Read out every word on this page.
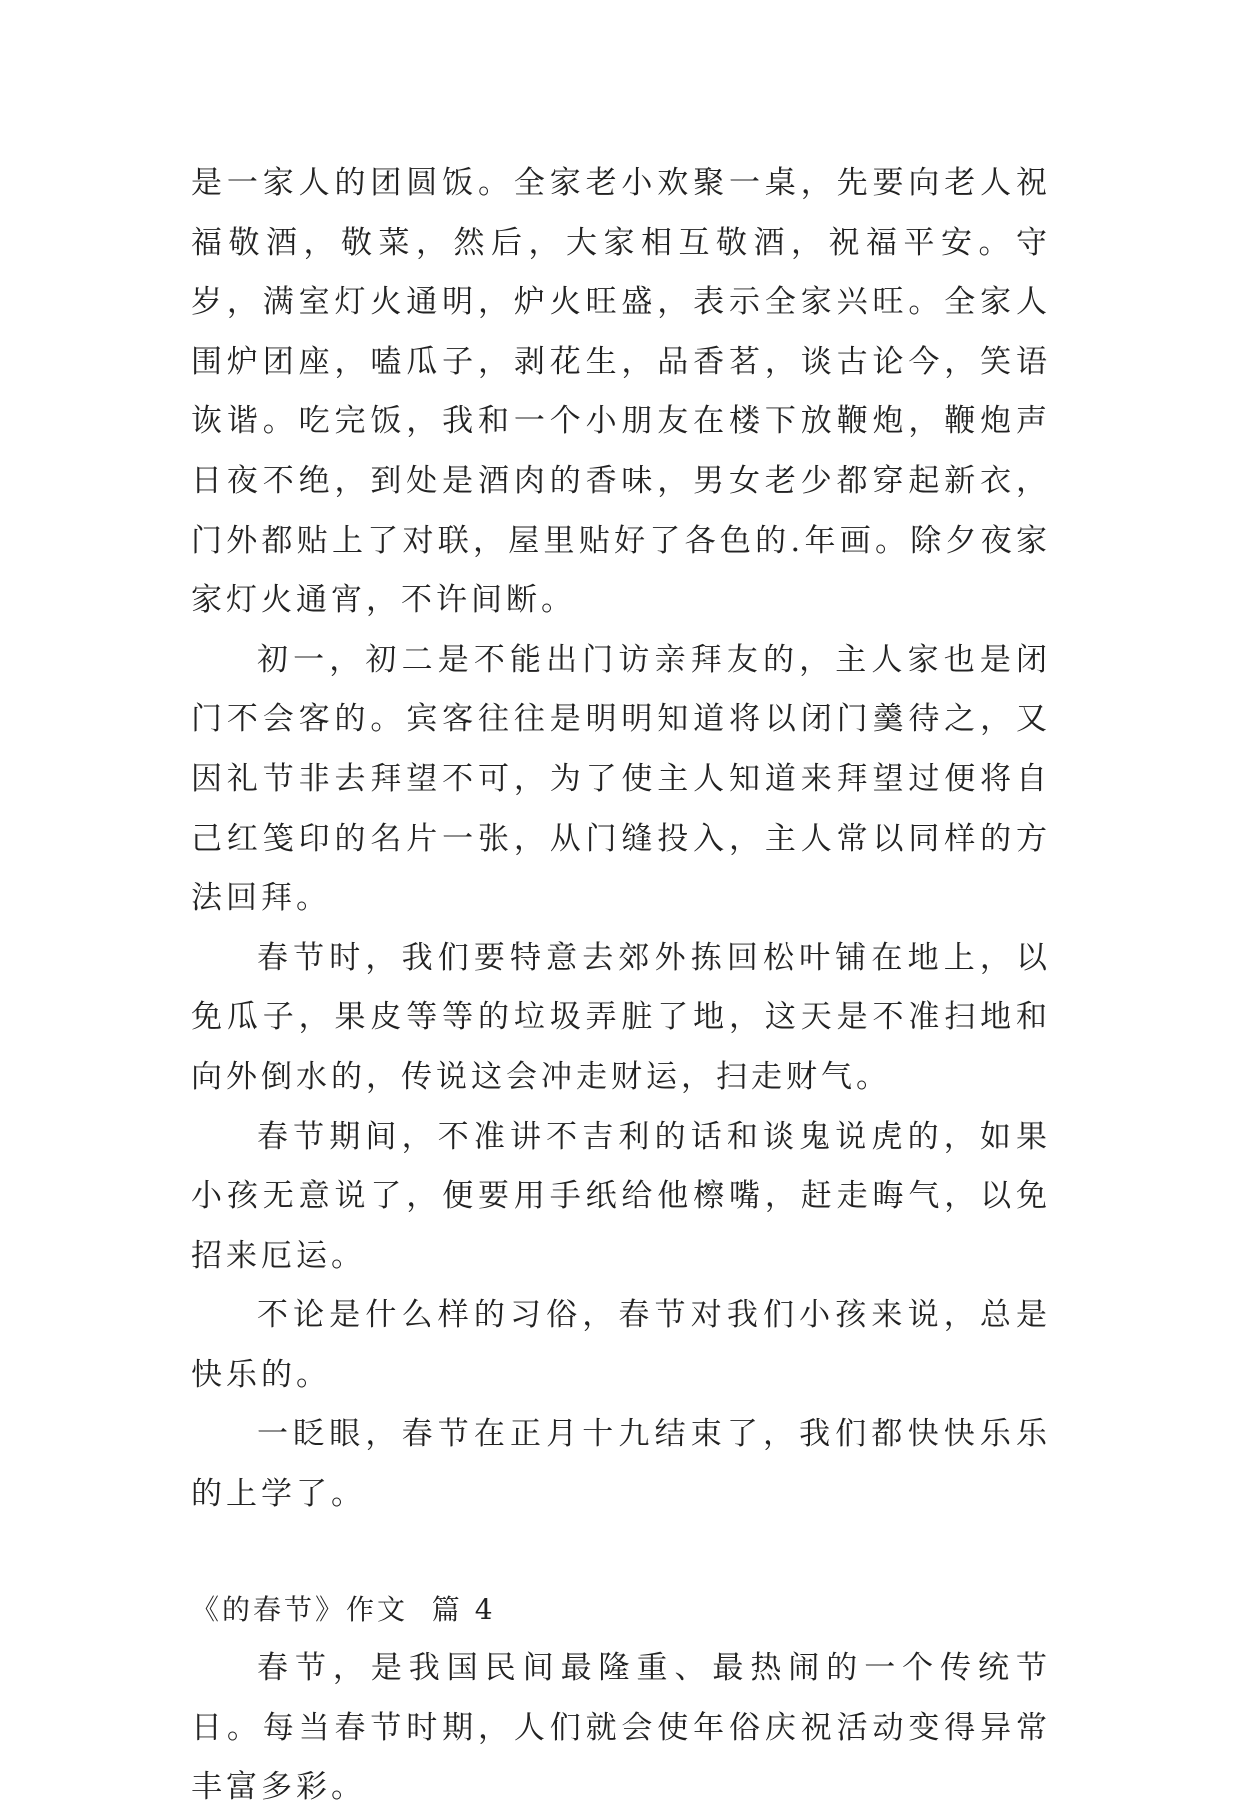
是一家人的团圆饭。全家老小欢聚一桌，先要向老人祝福敬酒，敬菜，然后，大家相互敬酒，祝福平安。守岁，满室灯火通明，炉火旺盛，表示全家兴旺。全家人围炉团座，嗑瓜子，剥花生，品香茗，谈古论今，笑语诙谐。吃完饭，我和一个小朋友在楼下放鞭炮，鞭炮声日夜不绝，到处是酒肉的香味，男女老少都穿起新衣，门外都贴上了对联，屋里贴好了各色的.年画。除夕夜家家灯火通宵，不许间断。

初一，初二是不能出门访亲拜友的，主人家也是闭门不会客的。宾客往往是明明知道将以闭门羹待之，又因礼节非去拜望不可，为了使主人知道来拜望过便将自己红笺印的名片一张，从门缝投入，主人常以同样的方法回拜。

春节时，我们要特意去郊外拣回松叶铺在地上，以免瓜子，果皮等等的垃圾弄脏了地，这天是不准扫地和向外倒水的，传说这会冲走财运，扫走财气。

春节期间，不准讲不吉利的话和谈鬼说虎的，如果小孩无意说了，便要用手纸给他檫嘴，赶走晦气，以免招来厄运。

不论是什么样的习俗，春节对我们小孩来说，总是快乐的。

一眨眼，春节在正月十九结束了，我们都快快乐乐的上学了。

《的春节》作文  篇 4

春节，是我国民间最隆重、最热闹的一个传统节日。每当春节时期，人们就会使年俗庆祝活动变得异常丰富多彩。
